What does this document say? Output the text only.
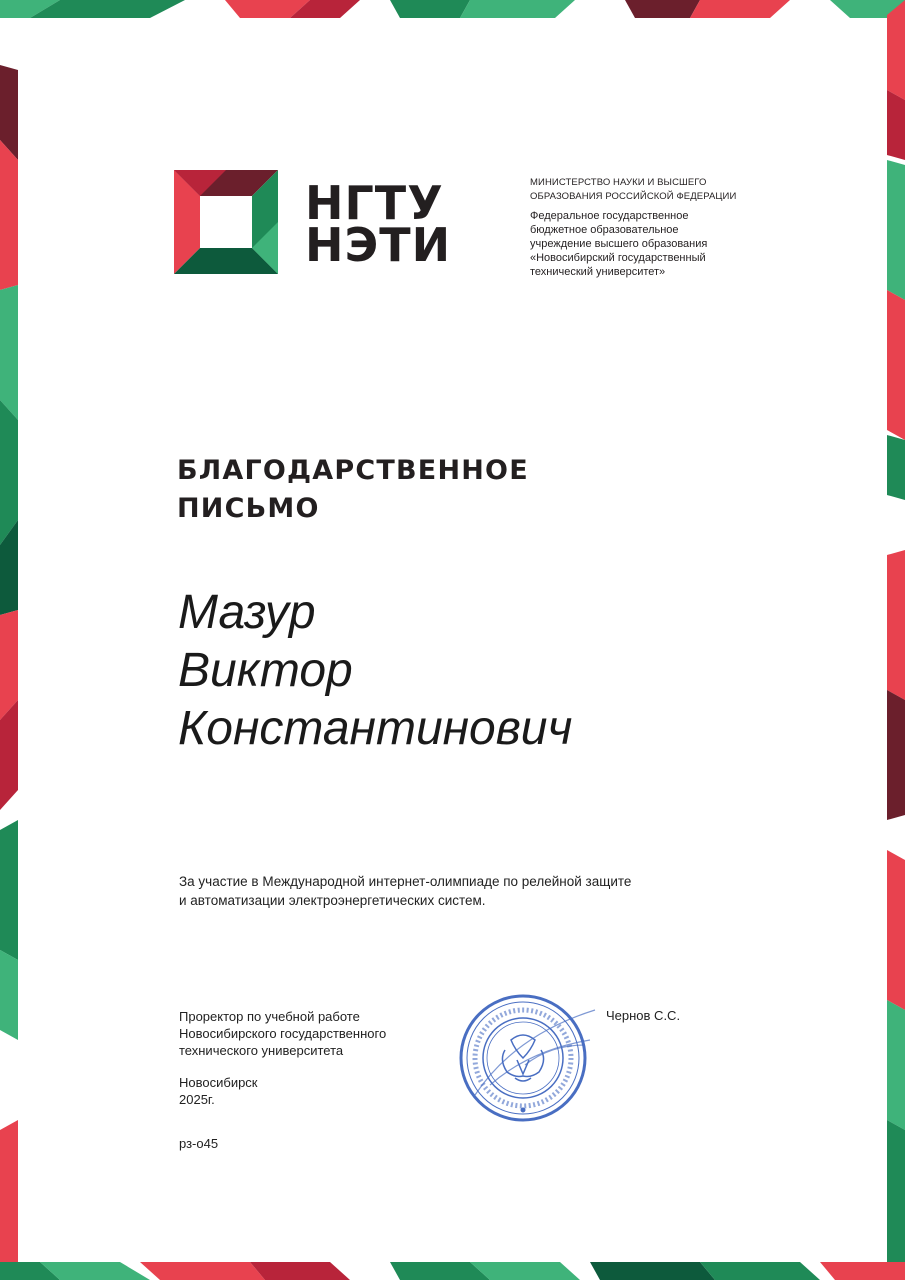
НГТУ
НЭТИ
МИНИСТЕРСТВО НАУКИ И ВЫСШЕГО
ОБРАЗОВАНИЯ РОССИЙСКОЙ ФЕДЕРАЦИИ
Федеральное государственное
бюджетное образовательное
учреждение высшего образования
«Новосибирский государственный
технический университет»
БЛАГОДАРСТВЕННОЕ
ПИСЬМО
Мазур
Виктор
Константинович
За участие в Международной интернет-олимпиаде по релейной защите
и автоматизации электроэнергетических систем.
Проректор по учебной работе
Новосибирского государственного
технического университета
Чернов С.С.
Новосибирск
2025г.
рз-о45
